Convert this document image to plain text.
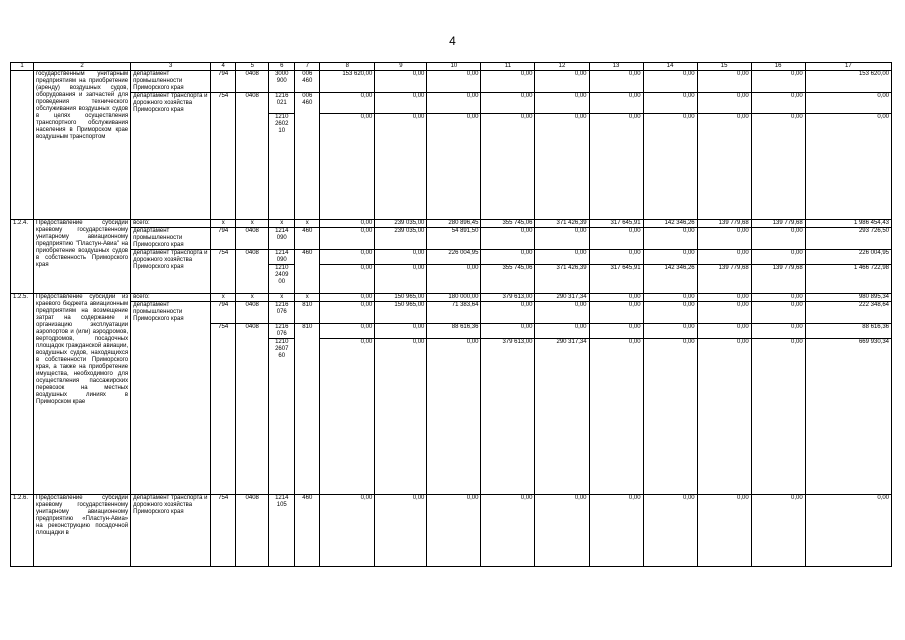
4
1	2	3	4	5	6	7	8	9	10	11	12	13	14	15	16	17
	государственным унитарным предприятиям на приобретение (аренду) воздушных судов, оборудования и запчастей для проведения технического обслуживания воздушных судов в целях осуществления транспортного обслуживания населения в Приморском крае воздушным транспортом	департамент промышленности Приморского края	794	0408	3000 900	006 460	153 620,00	0,00	0,00	0,00	0,00	0,00	0,00	0,00	0,00	153 620,00
		департамент транспорта и дорожного хозяйства Приморского края	754	0408	1216 021	006 460	0,00	0,00	0,00	0,00	0,00	0,00	0,00	0,00	0,00	0,00
					1210 2602 10		0,00	0,00	0,00	0,00	0,00	0,00	0,00	0,00	0,00	0,00
1.2.4.	Предоставление субсидии краевому государственному унитарному авиационному предприятию "Пластун-Авиа" на приобретение воздушных судов в собственность Приморского края	всего:	x	x	x	x	0,00	239 035,00	280 896,45	355 745,06	371 426,39	317 645,91	142 346,26	139 779,68	139 779,68	1 986 454,43
		департамент промышленности Приморского края	794	0408	1214 090	460	0,00	239 035,00	54 891,50	0,00	0,00	0,00	0,00	0,00	0,00	293 726,50
		департамент транспорта и дорожного хозяйства Приморского края	754	0408	1214 090	460	0,00	0,00	226 004,95	0,00	0,00	0,00	0,00	0,00	0,00	226 004,95
					1210 2409 00		0,00	0,00	0,00	355 745,06	371 426,39	317 645,91	142 346,26	139 779,68	139 779,68	1 466 722,98
1.2.5.	Предоставление субсидии из краевого бюджета авиационным предприятиям на возмещение затрат на содержание и организацию эксплуатации аэропортов и (или) аэродромов, вертодромов, посадочных площадок гражданской авиации, воздушных судов, находящихся в собственности Приморского края, а также на приобретение имущества, необходимого для осуществления пассажирских перевозок на местных воздушных линиях в Приморском крае	всего:	x	x	x	x	0,00	150 965,00	180 000,00	379 613,00	290 317,34	0,00	0,00	0,00	0,00	980 895,34
		департамент промышленности Приморского края	794	0408	1216 076	810	0,00	150 965,00	71 383,64	0,00	0,00	0,00	0,00	0,00	0,00	222 348,64
			754	0408	1216 076	810	0,00	0,00	88 616,36	0,00	0,00	0,00	0,00	0,00	0,00	88 616,36
					1210 2607 60		0,00	0,00	0,00	379 613,00	290 317,34	0,00	0,00	0,00	0,00	669 930,34
1.2.6.	Предоставление субсидии краевому государственному унитарному авиационному предприятию «Пластун-Авиа» на реконструкцию посадочной площадки в	департамент транспорта и дорожного хозяйства Приморского края	754	0408	1214 105	460	0,00	0,00	0,00	0,00	0,00	0,00	0,00	0,00	0,00	0,00
